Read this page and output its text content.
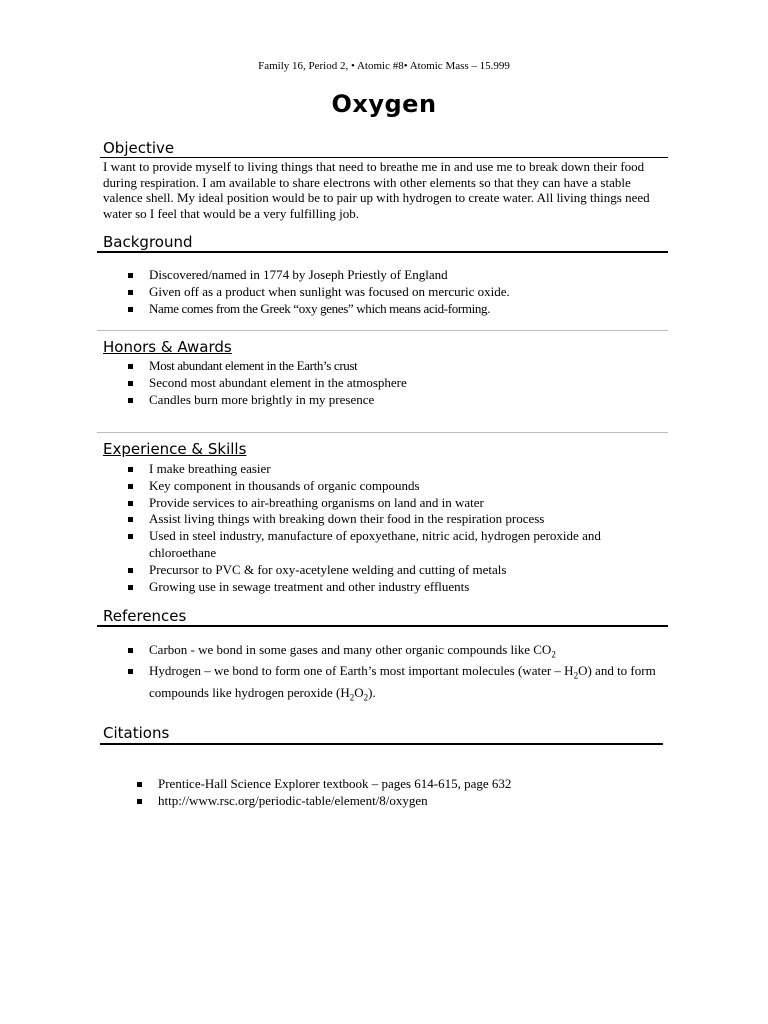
Family 16, Period 2, • Atomic #8• Atomic Mass – 15.999
Oxygen
Objective

I want to provide myself to living things that need to breathe me in and use me to break down their food during respiration. I am available to share electrons with other elements so that they can have a stable valence shell. My ideal position would be to pair up with hydrogen to create water. All living things need water so I feel that would be a very fulfilling job.

Background
Discovered/named in 1774 by Joseph Priestly of England
Given off as a product when sunlight was focused on mercuric oxide.
Name comes from the Greek “oxy genes” which means acid-forming.
Honors & Awards
Most abundant element in the Earth’s crust
Second most abundant element in the atmosphere
Candles burn more brightly in my presence
Experience & Skills
I make breathing easier
Key component in thousands of organic compounds
Provide services to air-breathing organisms on land and in water
Assist living things with breaking down their food in the respiration process
Used in steel industry, manufacture of epoxyethane, nitric acid, hydrogen peroxide and chloroethane
Precursor to PVC & for oxy-acetylene welding and cutting of metals
Growing use in sewage treatment and other industry effluents
References
Carbon - we bond in some gases and many other organic compounds like $CO_2$
Hydrogen – we bond to form one of Earth’s most important molecules (water – $H_2O$) and to form compounds like hydrogen peroxide $(H_2O_2)$.
Citations
Prentice-Hall Science Explorer textbook – pages 614-615, page 632
http://www.rsc.org/periodic-table/element/8/oxygen
